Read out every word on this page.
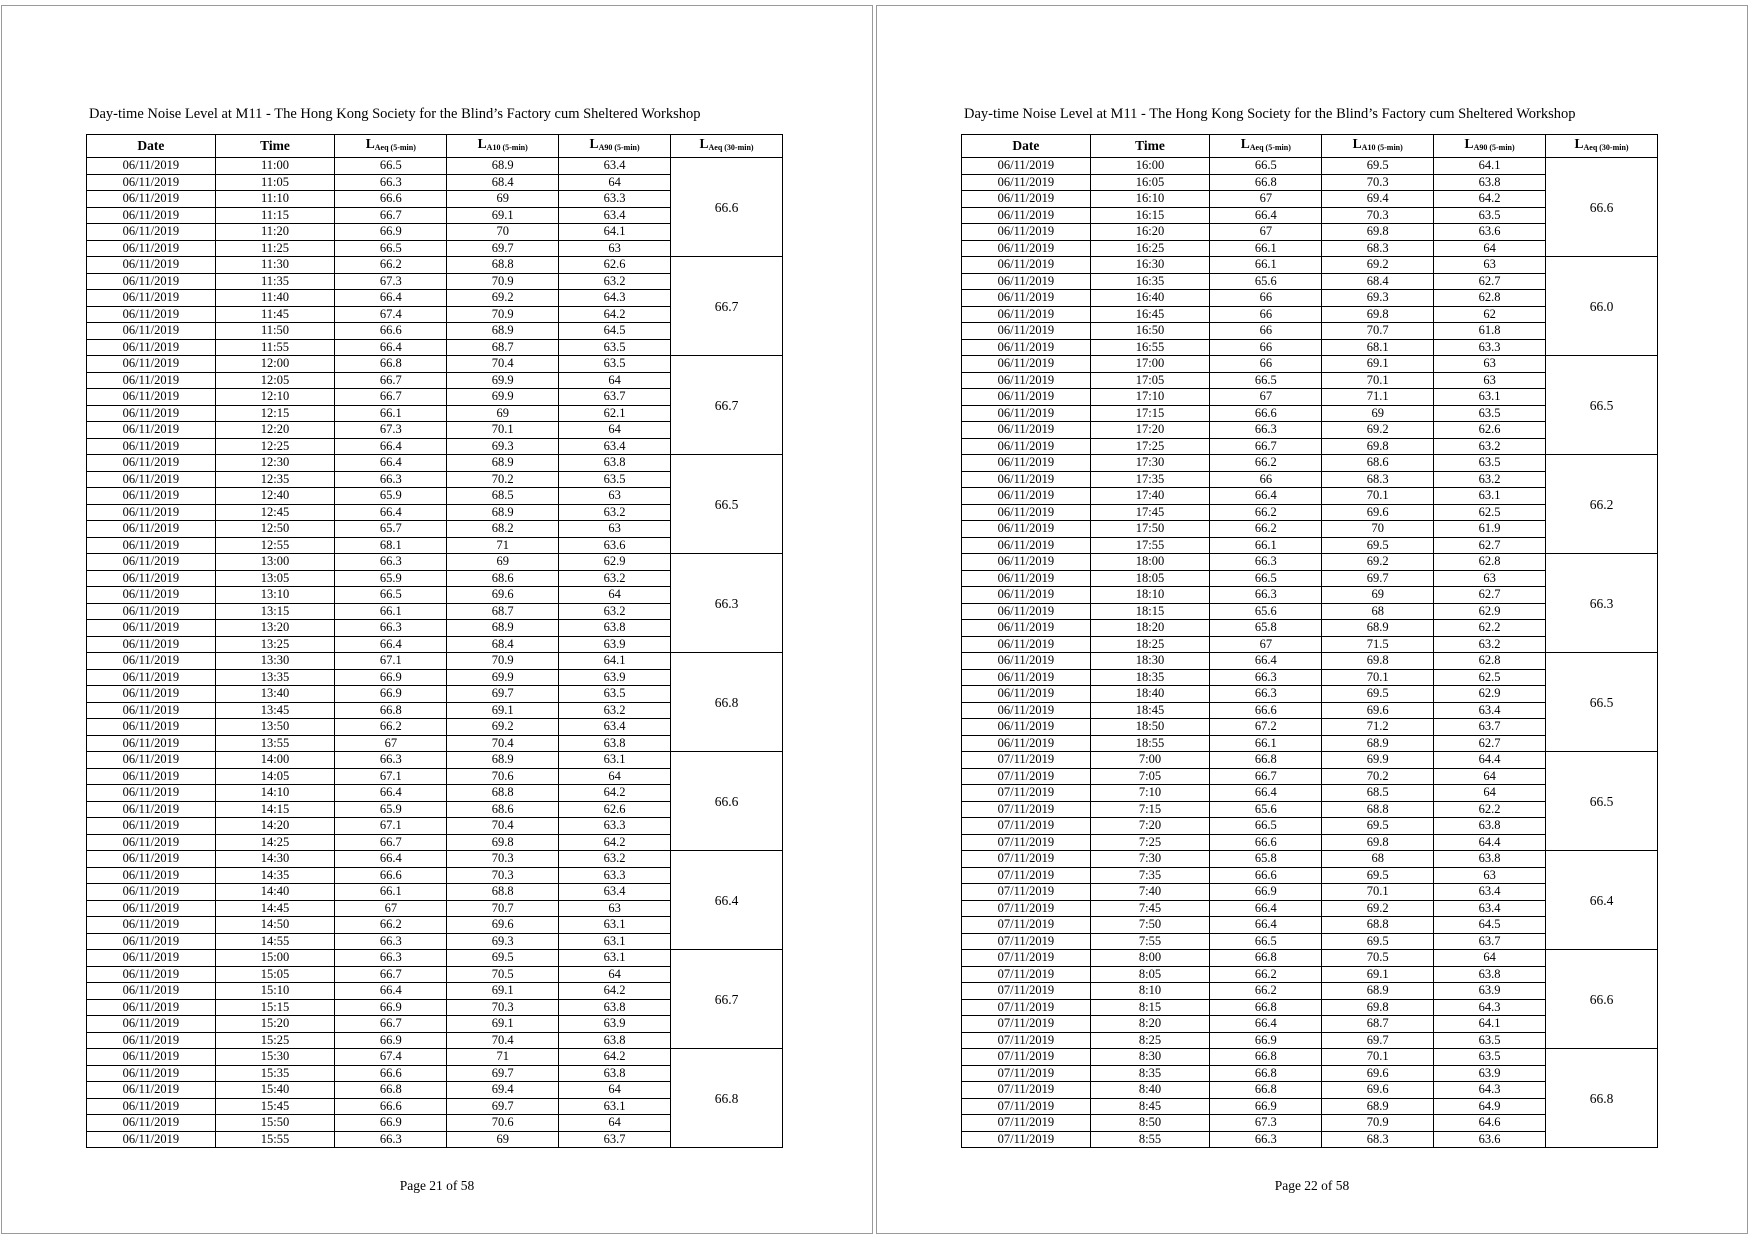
Day-time Noise Level at M11 - The Hong Kong Society for the Blind’s Factory cum Sheltered Workshop
Date	Time	$L_{Aeq (5-min)}$	$L_{A10 (5-min)}$	$L_{A90 (5-min)}$	$L_{Aeq (30-min)}$
06/11/2019	11:00	66.5	68.9	63.4	66.6
06/11/2019	11:05	66.3	68.4	64	
06/11/2019	11:10	66.6	69	63.3	
06/11/2019	11:15	66.7	69.1	63.4	
06/11/2019	11:20	66.9	70	64.1	
06/11/2019	11:25	66.5	69.7	63	
06/11/2019	11:30	66.2	68.8	62.6	66.7
06/11/2019	11:35	67.3	70.9	63.2	
06/11/2019	11:40	66.4	69.2	64.3	
06/11/2019	11:45	67.4	70.9	64.2	
06/11/2019	11:50	66.6	68.9	64.5	
06/11/2019	11:55	66.4	68.7	63.5	
06/11/2019	12:00	66.8	70.4	63.5	66.7
06/11/2019	12:05	66.7	69.9	64	
06/11/2019	12:10	66.7	69.9	63.7	
06/11/2019	12:15	66.1	69	62.1	
06/11/2019	12:20	67.3	70.1	64	
06/11/2019	12:25	66.4	69.3	63.4	
06/11/2019	12:30	66.4	68.9	63.8	66.5
06/11/2019	12:35	66.3	70.2	63.5	
06/11/2019	12:40	65.9	68.5	63	
06/11/2019	12:45	66.4	68.9	63.2	
06/11/2019	12:50	65.7	68.2	63	
06/11/2019	12:55	68.1	71	63.6	
06/11/2019	13:00	66.3	69	62.9	66.3
06/11/2019	13:05	65.9	68.6	63.2	
06/11/2019	13:10	66.5	69.6	64	
06/11/2019	13:15	66.1	68.7	63.2	
06/11/2019	13:20	66.3	68.9	63.8	
06/11/2019	13:25	66.4	68.4	63.9	
06/11/2019	13:30	67.1	70.9	64.1	66.8
06/11/2019	13:35	66.9	69.9	63.9	
06/11/2019	13:40	66.9	69.7	63.5	
06/11/2019	13:45	66.8	69.1	63.2	
06/11/2019	13:50	66.2	69.2	63.4	
06/11/2019	13:55	67	70.4	63.8	
06/11/2019	14:00	66.3	68.9	63.1	66.6
06/11/2019	14:05	67.1	70.6	64	
06/11/2019	14:10	66.4	68.8	64.2	
06/11/2019	14:15	65.9	68.6	62.6	
06/11/2019	14:20	67.1	70.4	63.3	
06/11/2019	14:25	66.7	69.8	64.2	
06/11/2019	14:30	66.4	70.3	63.2	66.4
06/11/2019	14:35	66.6	70.3	63.3	
06/11/2019	14:40	66.1	68.8	63.4	
06/11/2019	14:45	67	70.7	63	
06/11/2019	14:50	66.2	69.6	63.1	
06/11/2019	14:55	66.3	69.3	63.1	
06/11/2019	15:00	66.3	69.5	63.1	66.7
06/11/2019	15:05	66.7	70.5	64	
06/11/2019	15:10	66.4	69.1	64.2	
06/11/2019	15:15	66.9	70.3	63.8	
06/11/2019	15:20	66.7	69.1	63.9	
06/11/2019	15:25	66.9	70.4	63.8	
06/11/2019	15:30	67.4	71	64.2	66.8
06/11/2019	15:35	66.6	69.7	63.8	
06/11/2019	15:40	66.8	69.4	64	
06/11/2019	15:45	66.6	69.7	63.1	
06/11/2019	15:50	66.9	70.6	64	
06/11/2019	15:55	66.3	69	63.7	
Page 21 of 58
Day-time Noise Level at M11 - The Hong Kong Society for the Blind’s Factory cum Sheltered Workshop
Date	Time	$L_{Aeq (5-min)}$	$L_{A10 (5-min)}$	$L_{A90 (5-min)}$	$L_{Aeq (30-min)}$
06/11/2019	16:00	66.5	69.5	64.1	66.6
06/11/2019	16:05	66.8	70.3	63.8	
06/11/2019	16:10	67	69.4	64.2	
06/11/2019	16:15	66.4	70.3	63.5	
06/11/2019	16:20	67	69.8	63.6	
06/11/2019	16:25	66.1	68.3	64	
06/11/2019	16:30	66.1	69.2	63	66.0
06/11/2019	16:35	65.6	68.4	62.7	
06/11/2019	16:40	66	69.3	62.8	
06/11/2019	16:45	66	69.8	62	
06/11/2019	16:50	66	70.7	61.8	
06/11/2019	16:55	66	68.1	63.3	
06/11/2019	17:00	66	69.1	63	66.5
06/11/2019	17:05	66.5	70.1	63	
06/11/2019	17:10	67	71.1	63.1	
06/11/2019	17:15	66.6	69	63.5	
06/11/2019	17:20	66.3	69.2	62.6	
06/11/2019	17:25	66.7	69.8	63.2	
06/11/2019	17:30	66.2	68.6	63.5	66.2
06/11/2019	17:35	66	68.3	63.2	
06/11/2019	17:40	66.4	70.1	63.1	
06/11/2019	17:45	66.2	69.6	62.5	
06/11/2019	17:50	66.2	70	61.9	
06/11/2019	17:55	66.1	69.5	62.7	
06/11/2019	18:00	66.3	69.2	62.8	66.3
06/11/2019	18:05	66.5	69.7	63	
06/11/2019	18:10	66.3	69	62.7	
06/11/2019	18:15	65.6	68	62.9	
06/11/2019	18:20	65.8	68.9	62.2	
06/11/2019	18:25	67	71.5	63.2	
06/11/2019	18:30	66.4	69.8	62.8	66.5
06/11/2019	18:35	66.3	70.1	62.5	
06/11/2019	18:40	66.3	69.5	62.9	
06/11/2019	18:45	66.6	69.6	63.4	
06/11/2019	18:50	67.2	71.2	63.7	
06/11/2019	18:55	66.1	68.9	62.7	
07/11/2019	7:00	66.8	69.9	64.4	66.5
07/11/2019	7:05	66.7	70.2	64	
07/11/2019	7:10	66.4	68.5	64	
07/11/2019	7:15	65.6	68.8	62.2	
07/11/2019	7:20	66.5	69.5	63.8	
07/11/2019	7:25	66.6	69.8	64.4	
07/11/2019	7:30	65.8	68	63.8	66.4
07/11/2019	7:35	66.6	69.5	63	
07/11/2019	7:40	66.9	70.1	63.4	
07/11/2019	7:45	66.4	69.2	63.4	
07/11/2019	7:50	66.4	68.8	64.5	
07/11/2019	7:55	66.5	69.5	63.7	
07/11/2019	8:00	66.8	70.5	64	66.6
07/11/2019	8:05	66.2	69.1	63.8	
07/11/2019	8:10	66.2	68.9	63.9	
07/11/2019	8:15	66.8	69.8	64.3	
07/11/2019	8:20	66.4	68.7	64.1	
07/11/2019	8:25	66.9	69.7	63.5	
07/11/2019	8:30	66.8	70.1	63.5	66.8
07/11/2019	8:35	66.8	69.6	63.9	
07/11/2019	8:40	66.8	69.6	64.3	
07/11/2019	8:45	66.9	68.9	64.9	
07/11/2019	8:50	67.3	70.9	64.6	
07/11/2019	8:55	66.3	68.3	63.6	
Page 22 of 58
